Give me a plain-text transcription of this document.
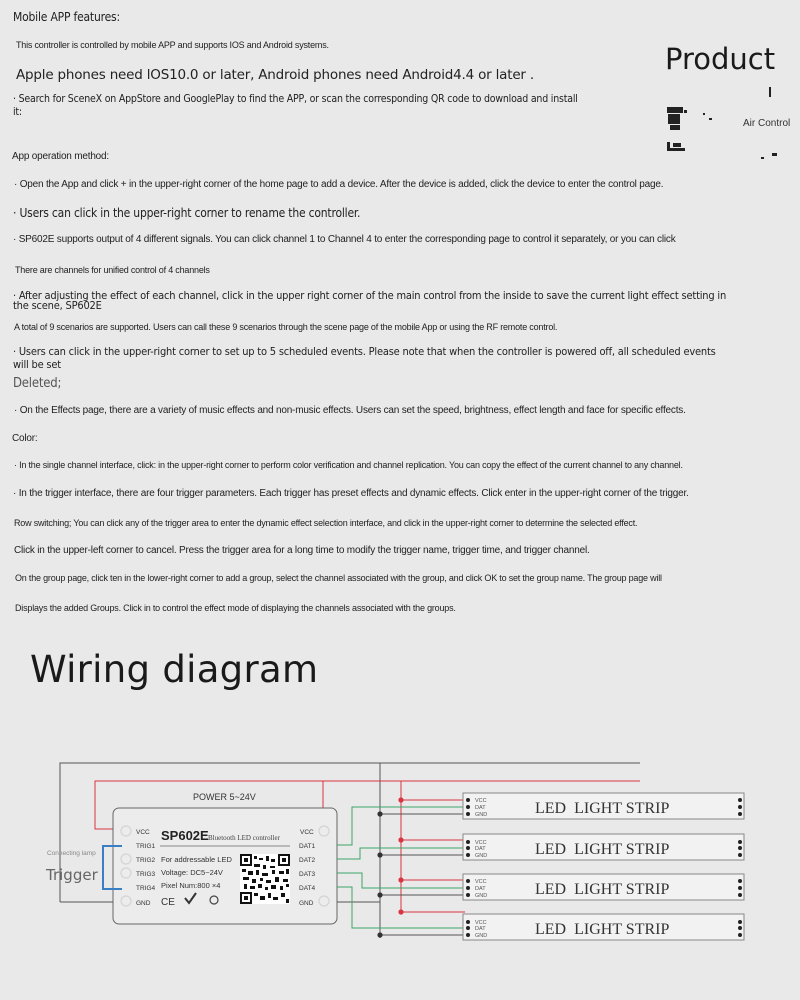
Mobile APP features:
This controller is controlled by mobile APP and supports IOS and Android systems.
Apple phones need lOS10.0 or later, Android phones need Android4.4 or later .
· Search for SceneX on AppStore and GooglePlay to find the APP, or scan the corresponding QR code to download and install
it:
Product
Air Control
App operation method:
· Open the App and click + in the upper-right corner of the home page to add a device. After the device is added, click the device to enter the control page.
· Users can click in the upper-right corner to rename the controller.
· SP602E supports output of 4 different signals. You can click channel 1 to Channel 4 to enter the corresponding page to control it separately, or you can click
There are channels for unified control of 4 channels
· After adjusting the effect of each channel, click in the upper right corner of the main control from the inside to save the current light effect setting in
the scene, SP602E
A total of 9 scenarios are supported. Users can call these 9 scenarios through the scene page of the mobile App or using the RF remote control.
· Users can click in the upper-right corner to set up to 5 scheduled events. Please note that when the controller is powered off, all scheduled events
will be set
Deleted;
· On the Effects page, there are a variety of music effects and non-music effects. Users can set the speed, brightness, effect length and face for specific effects.
Color:
· In the single channel interface, click: in the upper-right corner to perform color verification and channel replication. You can copy the effect of the current channel to any channel.
· In the trigger interface, there are four trigger parameters. Each trigger has preset effects and dynamic effects. Click enter in the upper-right corner of the trigger.
Row switching; You can click any of the trigger area to enter the dynamic effect selection interface, and click in the upper-right corner to determine the selected effect.
Click in the upper-left corner to cancel. Press the trigger area for a long time to modify the trigger name, trigger time, and trigger channel.
On the group page, click ten in the lower-right corner to add a group, select the channel associated with the group, and click OK to set the group name. The group page will
Displays the added Groups. Click in to control the effect mode of displaying the channels associated with the groups.
Wiring diagram
POWER 5~24V
SP602E Bluetooth LED controller
For addressable LED
Voltage: DC5~24V
Pixel Num:800 ×4
CE
VCC
TRIG1
TRIG2
TRIG3
TRIG4
GND
VCC
DAT1
DAT2
DAT3
DAT4
GND
Connecting lamp
Trigger
VCC
DAT
GND
VCC
DAT
GND
VCC
DAT
GND
VCC
DAT
GND
LED  LIGHT STRIP
LED  LIGHT STRIP
LED  LIGHT STRIP
LED  LIGHT STRIP
